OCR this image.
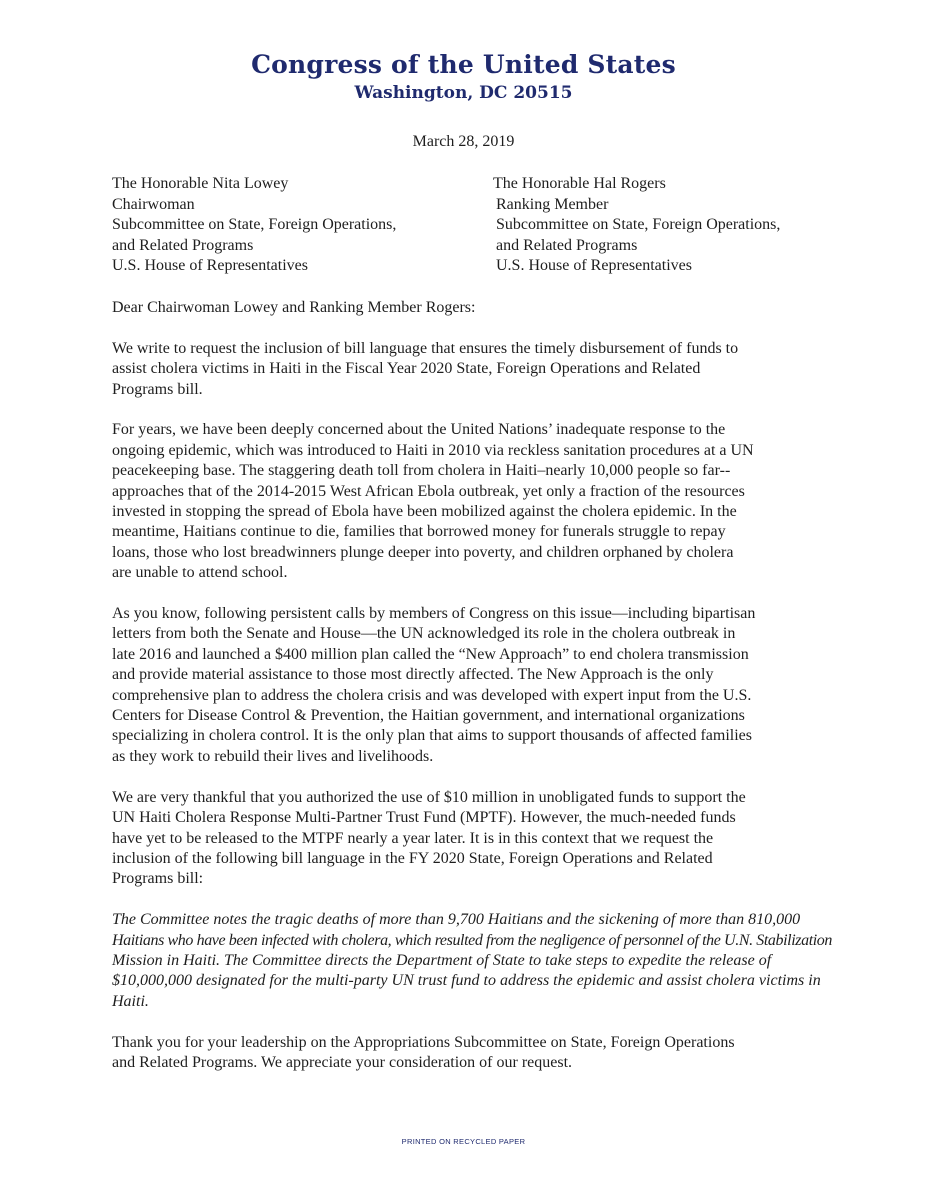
Congress of the United States
Washington, DC 20515
March 28, 2019
The Honorable Nita Lowey
Chairwoman
Subcommittee on State, Foreign Operations,
and Related Programs
U.S. House of Representatives
The Honorable Hal Rogers
Ranking Member
Subcommittee on State, Foreign Operations,
and Related Programs
U.S. House of Representatives

Dear Chairwoman Lowey and Ranking Member Rogers:

We write to request the inclusion of bill language that ensures the timely disbursement of funds to
assist cholera victims in Haiti in the Fiscal Year 2020 State, Foreign Operations and Related
Programs bill.

For years, we have been deeply concerned about the United Nations’ inadequate response to the
ongoing epidemic, which was introduced to Haiti in 2010 via reckless sanitation procedures at a UN
peacekeeping base. The staggering death toll from cholera in Haiti–nearly 10,000 people so far--
approaches that of the 2014-2015 West African Ebola outbreak, yet only a fraction of the resources
invested in stopping the spread of Ebola have been mobilized against the cholera epidemic. In the
meantime, Haitians continue to die, families that borrowed money for funerals struggle to repay
loans, those who lost breadwinners plunge deeper into poverty, and children orphaned by cholera
are unable to attend school.

As you know, following persistent calls by members of Congress on this issue—including bipartisan
letters from both the Senate and House—the UN acknowledged its role in the cholera outbreak in
late 2016 and launched a $400 million plan called the “New Approach” to end cholera transmission
and provide material assistance to those most directly affected. The New Approach is the only
comprehensive plan to address the cholera crisis and was developed with expert input from the U.S.
Centers for Disease Control & Prevention, the Haitian government, and international organizations
specializing in cholera control. It is the only plan that aims to support thousands of affected families
as they work to rebuild their lives and livelihoods.

We are very thankful that you authorized the use of $10 million in unobligated funds to support the
UN Haiti Cholera Response Multi-Partner Trust Fund (MPTF). However, the much-needed funds
have yet to be released to the MTPF nearly a year later. It is in this context that we request the
inclusion of the following bill language in the FY 2020 State, Foreign Operations and Related
Programs bill:

The Committee notes the tragic deaths of more than 9,700 Haitians and the sickening of more than 810,000
Haitians who have been infected with cholera, which resulted from the negligence of personnel of the U.N. Stabilization
Mission in Haiti. The Committee directs the Department of State to take steps to expedite the release of
$10,000,000 designated for the multi-party UN trust fund to address the epidemic and assist cholera victims in
Haiti.

Thank you for your leadership on the Appropriations Subcommittee on State, Foreign Operations
and Related Programs. We appreciate your consideration of our request.

PRINTED ON RECYCLED PAPER
